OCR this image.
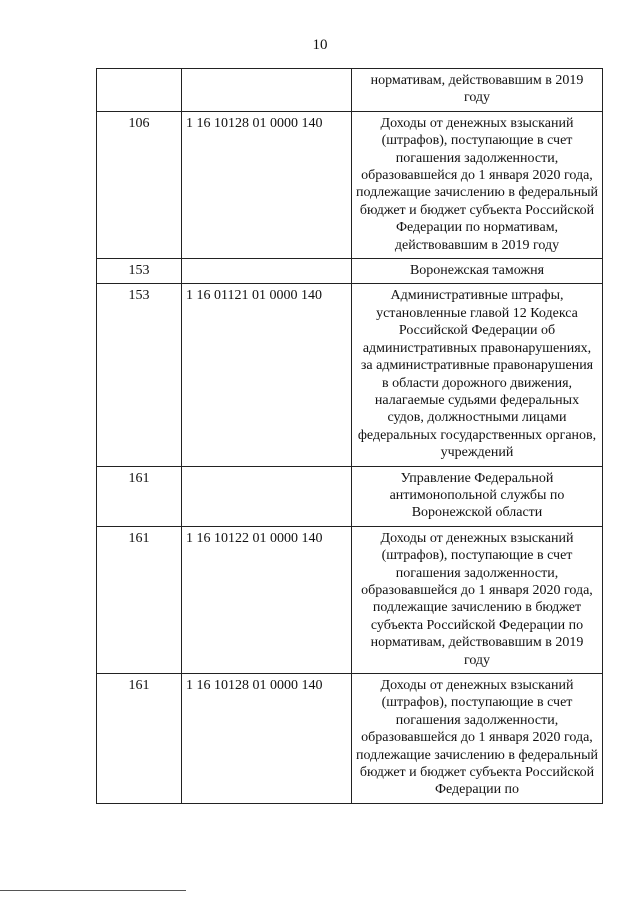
10
		нормативам, действовавшим в 2019 году
106	1 16 10128 01 0000 140	Доходы от денежных взысканий (штрафов), поступающие в счет погашения задолженности, образовавшейся до 1 января 2020 года, подлежащие зачислению в федеральный бюджет и бюджет субъекта Российской Федерации по нормативам, действовавшим в 2019 году
153		Воронежская таможня
153	1 16 01121 01 0000 140	Административные штрафы, установленные главой 12 Кодекса Российской Федерации об административных правонарушениях, за административные правонарушения в области дорожного движения, налагаемые судьями федеральных судов, должностными лицами федеральных государственных органов, учреждений
161		Управление Федеральной антимонопольной службы по Воронежской области
161	1 16 10122 01 0000 140	Доходы от денежных взысканий (штрафов), поступающие в счет погашения задолженности, образовавшейся до 1 января 2020 года, подлежащие зачислению в бюджет субъекта Российской Федерации по нормативам, действовавшим в 2019 году
161	1 16 10128 01 0000 140	Доходы от денежных взысканий (штрафов), поступающие в счет погашения задолженности, образовавшейся до 1 января 2020 года, подлежащие зачислению в федеральный бюджет и бюджет субъекта Российской Федерации по
